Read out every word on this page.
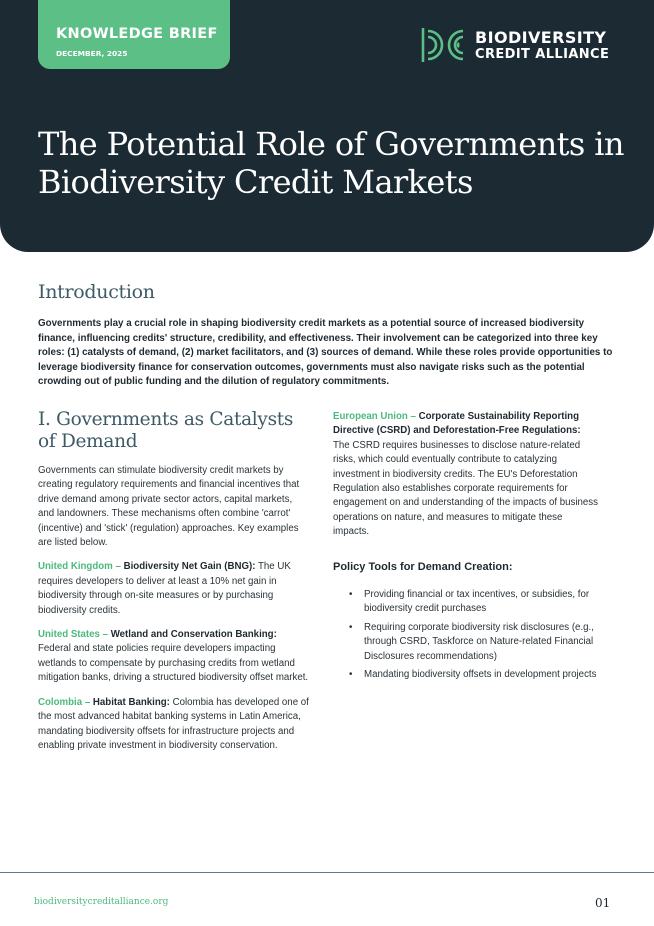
KNOWLEDGE BRIEF
DECEMBER, 2025
BIODIVERSITY
CREDIT ALLIANCE
The Potential Role of Governments in Biodiversity Credit Markets
Introduction

Governments play a crucial role in shaping biodiversity credit markets as a potential source of increased biodiversity finance, influencing credits' structure, credibility, and effectiveness. Their involvement can be categorized into three key roles: (1) catalysts of demand, (2) market facilitators, and (3) sources of demand. While these roles provide opportunities to leverage biodiversity finance for conservation outcomes, governments must also navigate risks such as the potential crowding out of public funding and the dilution of regulatory commitments.

I. Governments as Catalysts of Demand

Governments can stimulate biodiversity credit markets by creating regulatory requirements and financial incentives that drive demand among private sector actors, capital markets, and landowners. These mechanisms often combine 'carrot' (incentive) and 'stick' (regulation) approaches. Key examples are listed below.

United Kingdom – Biodiversity Net Gain (BNG): The UK requires developers to deliver at least a 10% net gain in biodiversity through on-site measures or by purchasing biodiversity credits.

United States – Wetland and Conservation Banking: Federal and state policies require developers impacting wetlands to compensate by purchasing credits from wetland mitigation banks, driving a structured biodiversity offset market.

Colombia – Habitat Banking: Colombia has developed one of the most advanced habitat banking systems in Latin America, mandating biodiversity offsets for infrastructure projects and enabling private investment in biodiversity conservation.

European Union – Corporate Sustainability Reporting Directive (CSRD) and Deforestation-Free Regulations: The CSRD requires businesses to disclose nature-related risks, which could eventually contribute to catalyzing investment in biodiversity credits. The EU's Deforestation Regulation also establishes corporate requirements for engagement on and understanding of the impacts of business operations on nature, and measures to mitigate these impacts.

Policy Tools for Demand Creation:
• Providing financial or tax incentives, or subsidies, for biodiversity credit purchases
• Requiring corporate biodiversity risk disclosures (e.g., through CSRD, Taskforce on Nature-related Financial Disclosures recommendations)
• Mandating biodiversity offsets in development projects
biodiversitycreditalliance.org	01
